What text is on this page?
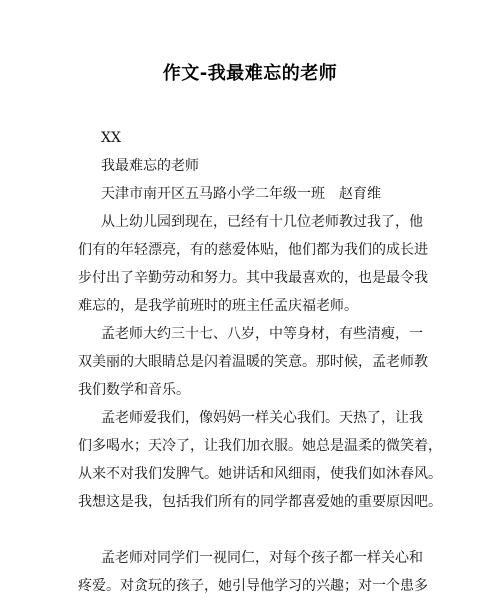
作文-我最难忘的老师
XX
我最难忘的老师
天津市南开区五马路小学二年级一班　赵育维
从上幼儿园到现在，已经有十几位老师教过我了，他
们有的年轻漂亮，有的慈爱体贴，他们都为我们的成长进
步付出了辛勤劳动和努力。其中我最喜欢的，也是最令我
难忘的，是我学前班时的班主任孟庆福老师。
孟老师大约三十七、八岁，中等身材，有些清瘦，一
双美丽的大眼睛总是闪着温暖的笑意。那时候，孟老师教
我们数学和音乐。
孟老师爱我们，像妈妈一样关心我们。天热了，让我
们多喝水；天冷了，让我们加衣服。她总是温柔的微笑着，
从来不对我们发脾气。她讲话和风细雨，使我们如沐春风。
我想这是我，包括我们所有的同学都喜爱她的重要原因吧。
孟老师对同学们一视同仁，对每个孩子都一样关心和
疼爱。对贪玩的孩子，她引导他学习的兴趣；对一个患多
